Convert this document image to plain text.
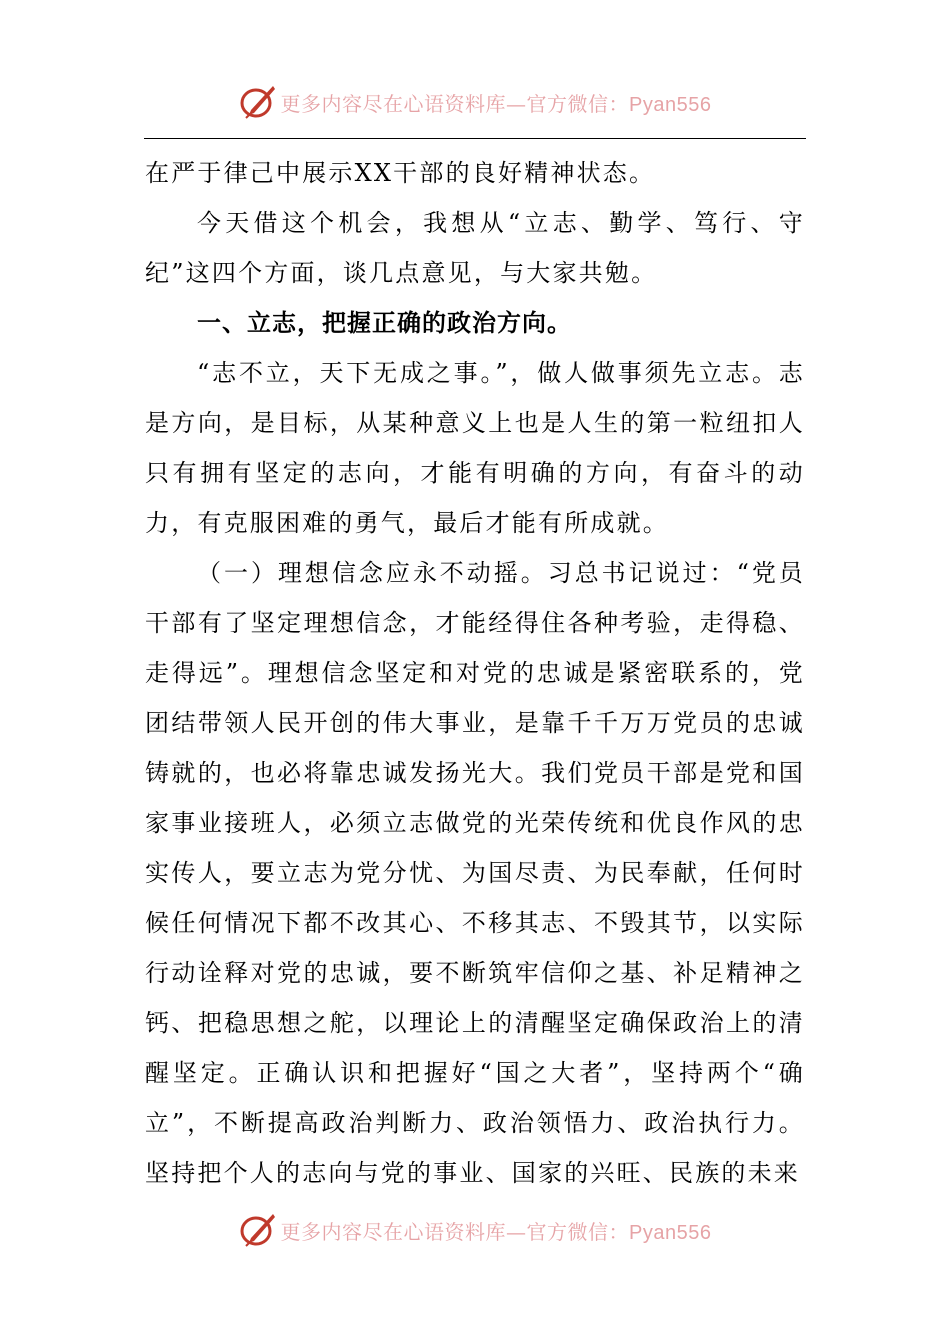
更多内容尽在心语资料库—官方微信：Pyan556

在严于律己中展示XX干部的良好精神状态。

今天借这个机会，我想从“立志、勤学、笃行、守纪”这四个方面，谈几点意见，与大家共勉。

一、立志，把握正确的政治方向。

“志不立，天下无成之事。”，做人做事须先立志。志是方向，是目标，从某种意义上也是人生的第一粒纽扣人只有拥有坚定的志向，才能有明确的方向，有奋斗的动力，有克服困难的勇气，最后才能有所成就。

（一）理想信念应永不动摇。习总书记说过：“党员干部有了坚定理想信念，才能经得住各种考验，走得稳、走得远”。理想信念坚定和对党的忠诚是紧密联系的，党团结带领人民开创的伟大事业，是靠千千万万党员的忠诚铸就的，也必将靠忠诚发扬光大。我们党员干部是党和国家事业接班人，必须立志做党的光荣传统和优良作风的忠实传人，要立志为党分忧、为国尽责、为民奉献，任何时候任何情况下都不改其心、不移其志、不毁其节，以实际行动诠释对党的忠诚，要不断筑牢信仰之基、补足精神之钙、把稳思想之舵，以理论上的清醒坚定确保政治上的清醒坚定。正确认识和把握好“国之大者”，坚持两个“确立”，不断提高政治判断力、政治领悟力、政治执行力。坚持把个人的志向与党的事业、国家的兴旺、民族的未来

更多内容尽在心语资料库—官方微信：Pyan556
